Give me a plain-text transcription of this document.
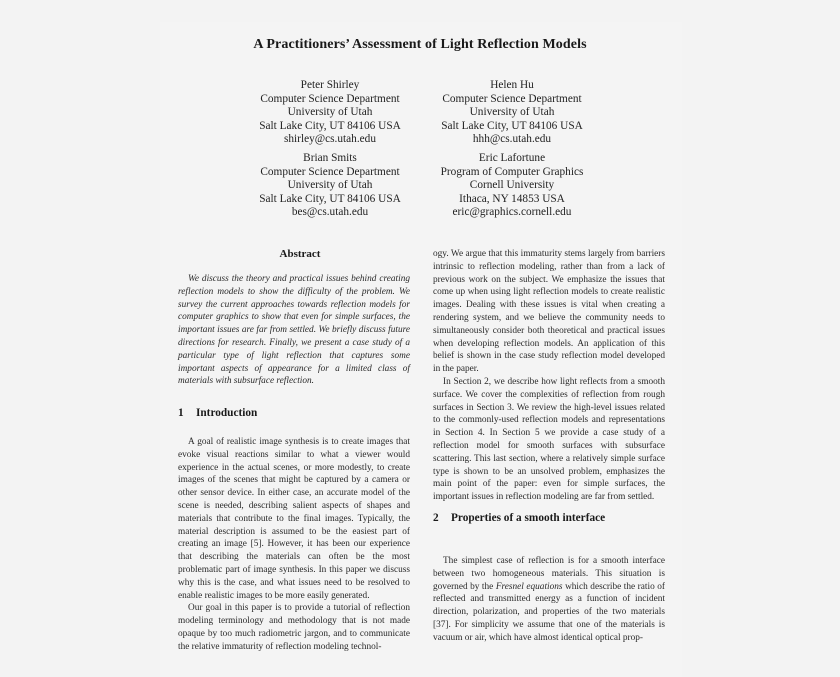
A Practitioners’ Assessment of Light Reflection Models
Peter Shirley
Computer Science Department
University of Utah
Salt Lake City, UT 84106 USA
shirley@cs.utah.edu
Helen Hu
Computer Science Department
University of Utah
Salt Lake City, UT 84106 USA
hhh@cs.utah.edu
Brian Smits
Computer Science Department
University of Utah
Salt Lake City, UT 84106 USA
bes@cs.utah.edu
Eric Lafortune
Program of Computer Graphics
Cornell University
Ithaca, NY 14853 USA
eric@graphics.cornell.edu
Abstract

We discuss the theory and practical issues behind creating reflection models to show the difficulty of the problem. We survey the current approaches towards reflection models for computer graphics to show that even for simple surfaces, the important issues are far from settled. We briefly discuss future directions for research. Finally, we present a case study of a particular type of light reflection that captures some important aspects of appearance for a limited class of materials with subsurface reflection.

1 Introduction

A goal of realistic image synthesis is to create images that evoke visual reactions similar to what a viewer would experience in the actual scenes, or more modestly, to create images of the scenes that might be captured by a camera or other sensor device. In either case, an accurate model of the scene is needed, describing salient aspects of shapes and materials that contribute to the final images. Typically, the material description is assumed to be the easiest part of creating an image [5]. However, it has been our experience that describing the materials can often be the most problematic part of image synthesis. In this paper we discuss why this is the case, and what issues need to be resolved to enable realistic images to be more easily generated.

Our goal in this paper is to provide a tutorial of reflection modeling terminology and methodology that is not made opaque by too much radiometric jargon, and to communicate the relative immaturity of reflection modeling technol-

ogy. We argue that this immaturity stems largely from barriers intrinsic to reflection modeling, rather than from a lack of previous work on the subject. We emphasize the issues that come up when using light reflection models to create realistic images. Dealing with these issues is vital when creating a rendering system, and we believe the community needs to simultaneously consider both theoretical and practical issues when developing reflection models. An application of this belief is shown in the case study reflection model developed in the paper.

In Section 2, we describe how light reflects from a smooth surface. We cover the complexities of reflection from rough surfaces in Section 3. We review the high-level issues related to the commonly-used reflection models and representations in Section 4. In Section 5 we provide a case study of a reflection model for smooth surfaces with subsurface scattering. This last section, where a relatively simple surface type is shown to be an unsolved problem, emphasizes the main point of the paper: even for simple surfaces, the important issues in reflection modeling are far from settled.

2 Properties of a smooth interface

The simplest case of reflection is for a smooth interface between two homogeneous materials. This situation is governed by the Fresnel equations which describe the ratio of reflected and transmitted energy as a function of incident direction, polarization, and properties of the two materials [37]. For simplicity we assume that one of the materials is vacuum or air, which have almost identical optical prop-
